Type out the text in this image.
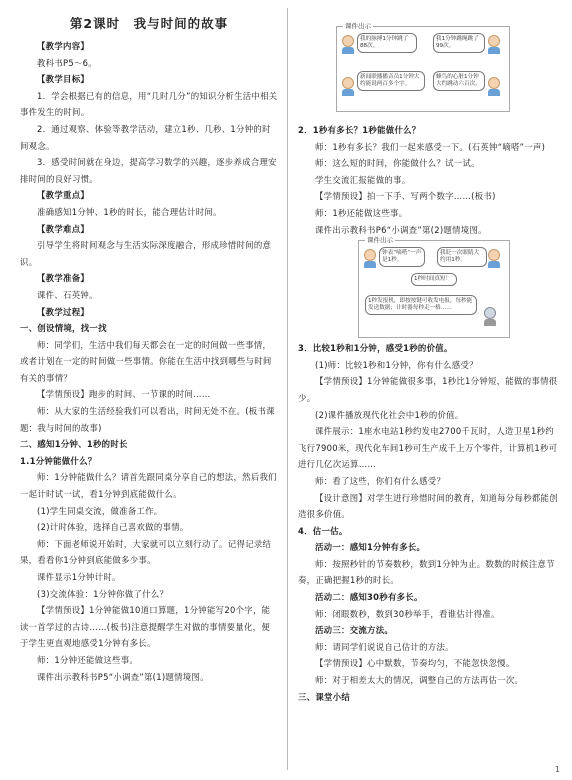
第2课时　我与时间的故事

【教学内容】

教科书P5～6。

【教学目标】

1．学会根据已有的信息，用“几时几分”的知识分析生活中相关事件发生的时间。

2．通过观察、体验等教学活动，建立1秒、几秒、1分钟的时间观念。

3．感受时间就在身边，提高学习数学的兴趣，逐步养成合理安排时间的良好习惯。

【教学重点】

准确感知1分钟、1秒的时长，能合理估计时间。

【教学难点】

引导学生将时间观念与生活实际深度融合，形成珍惜时间的意识。

【教学准备】

课件、石英钟。

【教学过程】

一、创设情境，找一找

师：同学们，生活中我们每天都会在一定的时间做一些事情，或者计划在一定的时间做一些事情。你能在生活中找到哪些与时间有关的事情？

【学情预设】跑步的时间、一节课的时间……

师：从大家的生活经验我们可以看出，时间无处不在。(板书课题：我与时间的故事)

二、感知1分钟、1秒的时长

1.1分钟能做什么？

师：1分钟能做什么？请首先跟同桌分享自己的想法，然后我们一起计时试一试，看1分钟到底能做什么。

(1)学生同桌交流，做准备工作。

(2)计时体验，选择自己喜欢做的事情。

师：下面老师说开始时，大家就可以立刻行动了。记得记录结果，看看你1分钟到底能做多少事。

课件显示1分钟计时。

(3)交流体验：1分钟你做了什么？

【学情预设】1分钟能做10道口算题，1分钟能写20个字，能读一首学过的古诗……(板书)注意提醒学生对做的事情要量化，便于学生更直观地感受1分钟有多长。

师：1分钟还能做这些事。

课件出示教科书P5“小调查”第(1)题情境图。

课件出示
我的脉搏1分钟跳了88次。
我1分钟跳绳跳了99次。
新闻联播播音员1分钟大约能说两百多个字。
蜂鸟的心脏1分钟大约跳动六百次。

2．1秒有多长？1秒能做什么？

师：1秒有多长？我们一起来感受一下。(石英钟“嘀嗒”一声)

师：这么短的时间，你能做什么？试一试。

学生交流汇报能做的事。

【学情预设】拍一下手、写两个数字……(板书)

师：1秒还能做这些事。

课件出示教科书P6“小调查”第(2)题情境图。

课件出示
钟表“嘀嗒”一声是1秒。
我眨一次眼睛大约用1秒。
1秒时间真短！
1秒发报机，即按按键可收发电报，每秒能发送数据；计时器每秒走一格……

3．比较1秒和1分钟，感受1秒的价值。

(1)师：比较1秒和1分钟，你有什么感受？

【学情预设】1分钟能做很多事，1秒比1分钟短，能做的事情很少。

(2)课件播放现代化社会中1秒的价值。

课件展示：1座水电站1秒约发电2700千瓦时，人造卫星1秒约飞行7900米，现代化车间1秒可生产成千上万个零件，计算机1秒可进行几亿次运算……

师：看了这些，你们有什么感受？

【设计意图】对学生进行珍惜时间的教育，知道每分每秒都能创造很多价值。

4．估一估。

活动一：感知1分钟有多长。

师：按照秒针的节奏数秒，数到1分钟为止。数数的时候注意节奏，正确把握1秒的时长。

活动二：感知30秒有多长。

师：闭眼数秒，数到30秒举手，看谁估计得准。

活动三：交流方法。

师：请同学们说说自己估计的方法。

【学情预设】心中默数，节奏均匀，不能忽快忽慢。

师：对于相差太大的情况，调整自己的方法再估一次。

三、课堂小结

1
